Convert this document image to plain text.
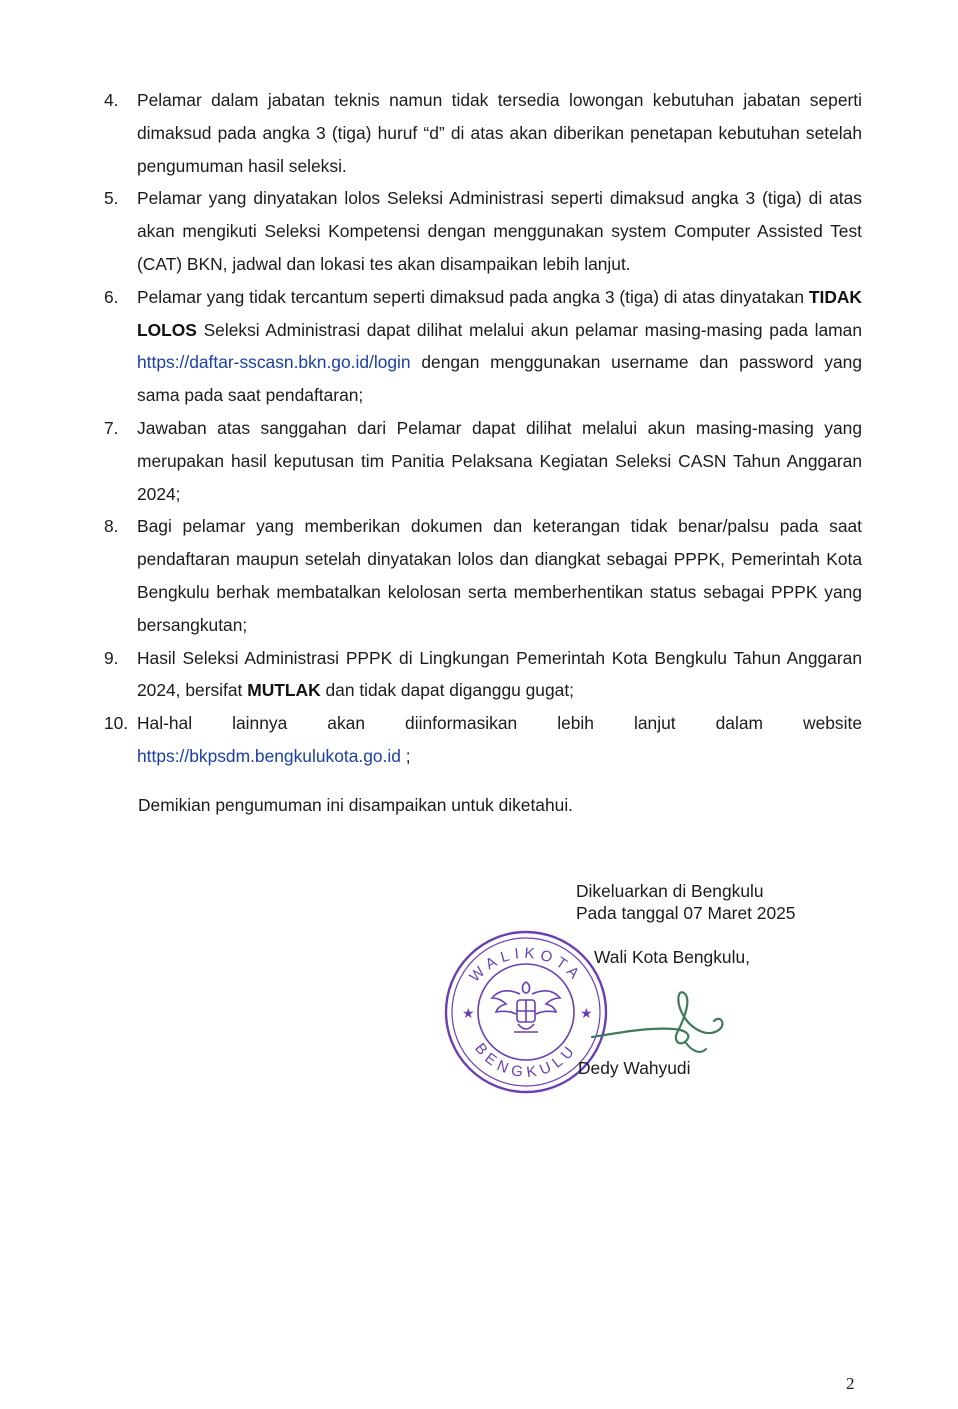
4.	Pelamar dalam jabatan teknis namun tidak tersedia lowongan kebutuhan jabatan seperti dimaksud pada angka 3 (tiga) huruf “d” di atas akan diberikan penetapan kebutuhan setelah pengumuman hasil seleksi.
5.	Pelamar yang dinyatakan lolos Seleksi Administrasi seperti dimaksud angka 3 (tiga) di atas akan mengikuti Seleksi Kompetensi dengan menggunakan system Computer Assisted Test (CAT) BKN, jadwal dan lokasi tes akan disampaikan lebih lanjut.
6.	Pelamar yang tidak tercantum seperti dimaksud pada angka 3 (tiga) di atas dinyatakan TIDAK LOLOS Seleksi Administrasi dapat dilihat melalui akun pelamar masing-masing pada laman https://daftar-sscasn.bkn.go.id/login dengan menggunakan username dan password yang sama pada saat pendaftaran;
7.	Jawaban atas sanggahan dari Pelamar dapat dilihat melalui akun masing-masing yang merupakan hasil keputusan tim Panitia Pelaksana Kegiatan Seleksi CASN Tahun Anggaran 2024;
8.	Bagi pelamar yang memberikan dokumen dan keterangan tidak benar/palsu pada saat pendaftaran maupun setelah dinyatakan lolos dan diangkat sebagai PPPK, Pemerintah Kota Bengkulu berhak membatalkan kelolosan serta memberhentikan status sebagai PPPK yang bersangkutan;
9.	Hasil Seleksi Administrasi PPPK di Lingkungan Pemerintah Kota Bengkulu Tahun Anggaran 2024, bersifat MUTLAK dan tidak dapat diganggu gugat;
10. Hal-hal lainnya akan diinformasikan lebih lanjut dalam website
https://bkpsdm.bengkulukota.go.id ;
Demikian pengumuman ini disampaikan untuk diketahui.
Dikeluarkan di Bengkulu
Pada tanggal 07 Maret 2025
WALIKOTA
BENGKULU
★	★
Wali Kota Bengkulu,
Dedy Wahyudi
2
